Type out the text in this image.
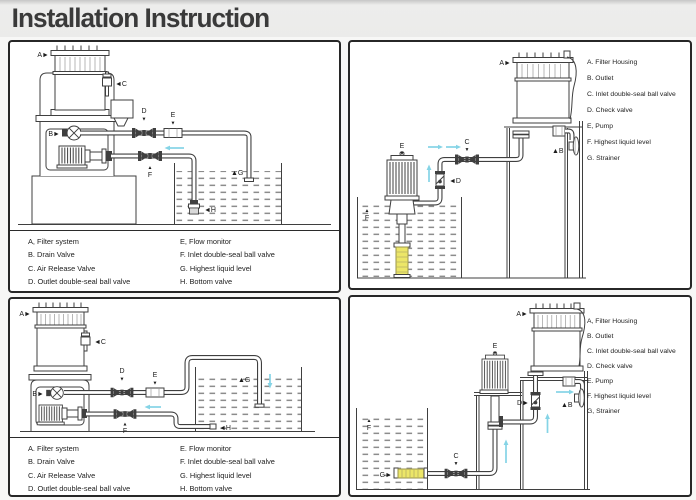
Installation Instruction
A►
B►
◄C
D
▼
E
▼
▲
F	▲G
◄H
A, Filter system
B. Drain Valve
C. Air Release Valve
D. Outlet double-seal ball valve
E, Flow monitor
F. Inlet double-seal ball valve
G. Highest liquid level
H. Bottom valve
A►
▲B
C
▼
◄D
E
▼
▲
F
A. Filter Housing
B. Outlet
C. Inlet double-seal ball valve
D. Check valve
E, Pump
F. Highest liquid level
G. Strainer
A►
B►
◄C
D
▼
E
▼
▲
F
▲G
◄H
A. Filter system
B. Drain Valve
C. Air Release Valve
D. Outlet double-seal ball valve
E. Flow monitor
F. Inlet double-seal ball valve
G. Highest liquid level
H. Bottom valve
A►
▲B
C
▼
D►
E
▼
▲
F
G►
A, Filter Housing
B. Outlet
C. Inlet double-seal ball valve
D. Check valve
E. Pump
F. Highest liquid level
G, Strainer
